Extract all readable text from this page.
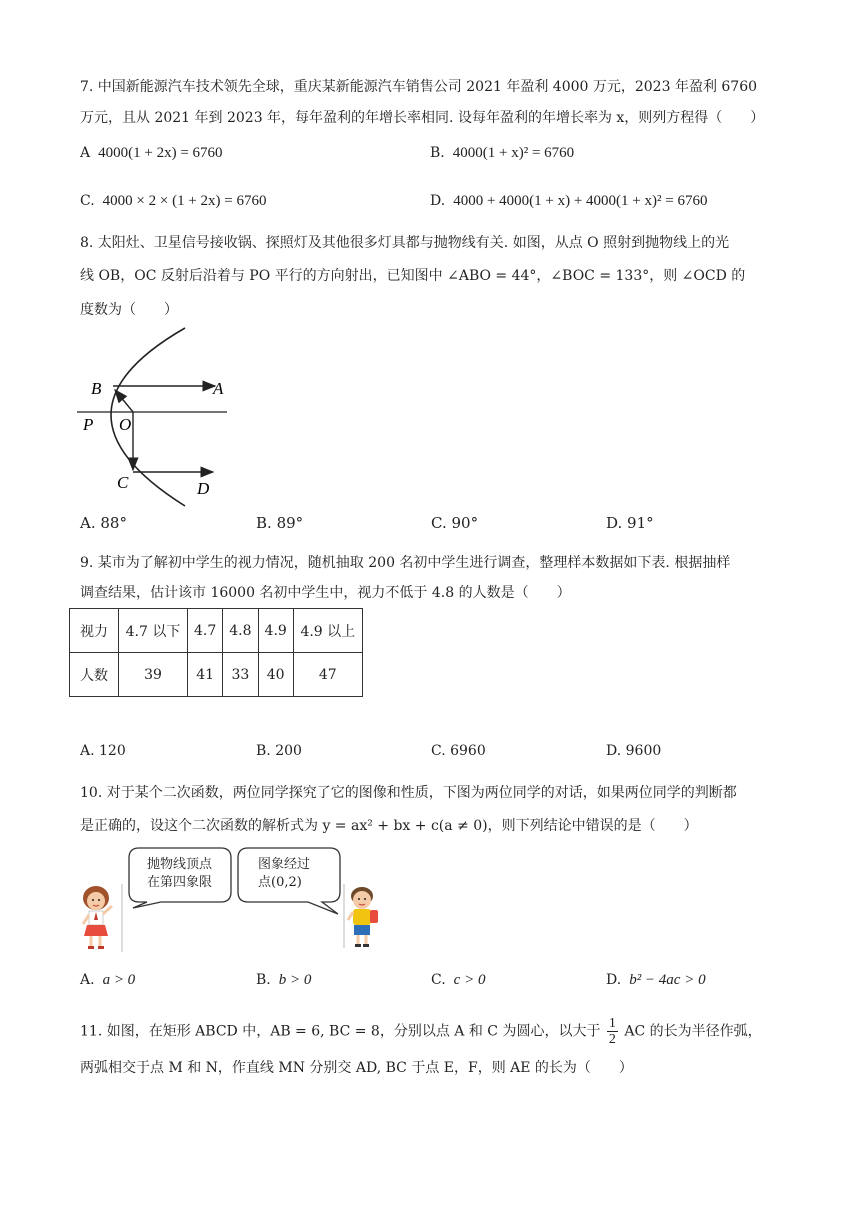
7. 中国新能源汽车技术领先全球，重庆某新能源汽车销售公司 2021 年盈利 4000 万元，2023 年盈利 6760
万元，且从 2021 年到 2023 年，每年盈利的年增长率相同. 设每年盈利的年增长率为 x，则列方程得（　　）
A 4000(1 + 2x) = 6760	B. 4000(1 + x)² = 6760
C. 4000 × 2 × (1 + 2x) = 6760	D. 4000 + 4000(1 + x) + 4000(1 + x)² = 6760
8. 太阳灶、卫星信号接收锅、探照灯及其他很多灯具都与抛物线有关. 如图，从点 O 照射到抛物线上的光
线 OB，OC 反射后沿着与 PO 平行的方向射出，已知图中 ∠ABO = 44°，∠BOC = 133°，则 ∠OCD 的
度数为（　　）
B	A
P O
C	D
A. 88°	B. 89°	C. 90°	D. 91°
9. 某市为了解初中学生的视力情况，随机抽取 200 名初中学生进行调查，整理样本数据如下表. 根据抽样
调查结果，估计该市 16000 名初中学生中，视力不低于 4.8 的人数是（　　）
视力	4.7 以下	4.7	4.8	4.9	4.9 以上
人数	39	41	33	40	47
A. 120	B. 200	C. 6960	D. 9600
10. 对于某个二次函数，两位同学探究了它的图像和性质，下图为两位同学的对话，如果两位同学的判断都
是正确的，设这个二次函数的解析式为 y = ax² + bx + c(a ≠ 0)，则下列结论中错误的是（　　）
抛物线顶点
在第四象限
图象经过
点(0,2)
A. a > 0	B. b > 0	C. c > 0	D. b² − 4ac > 0
11. 如图，在矩形 ABCD 中，AB = 6, BC = 8，分别以点 A 和 C 为圆心，以大于 $\frac{1}{2}$ AC 的长为半径作弧，
两弧相交于点 M 和 N，作直线 MN 分别交 AD, BC 于点 E，F，则 AE 的长为（　　）
